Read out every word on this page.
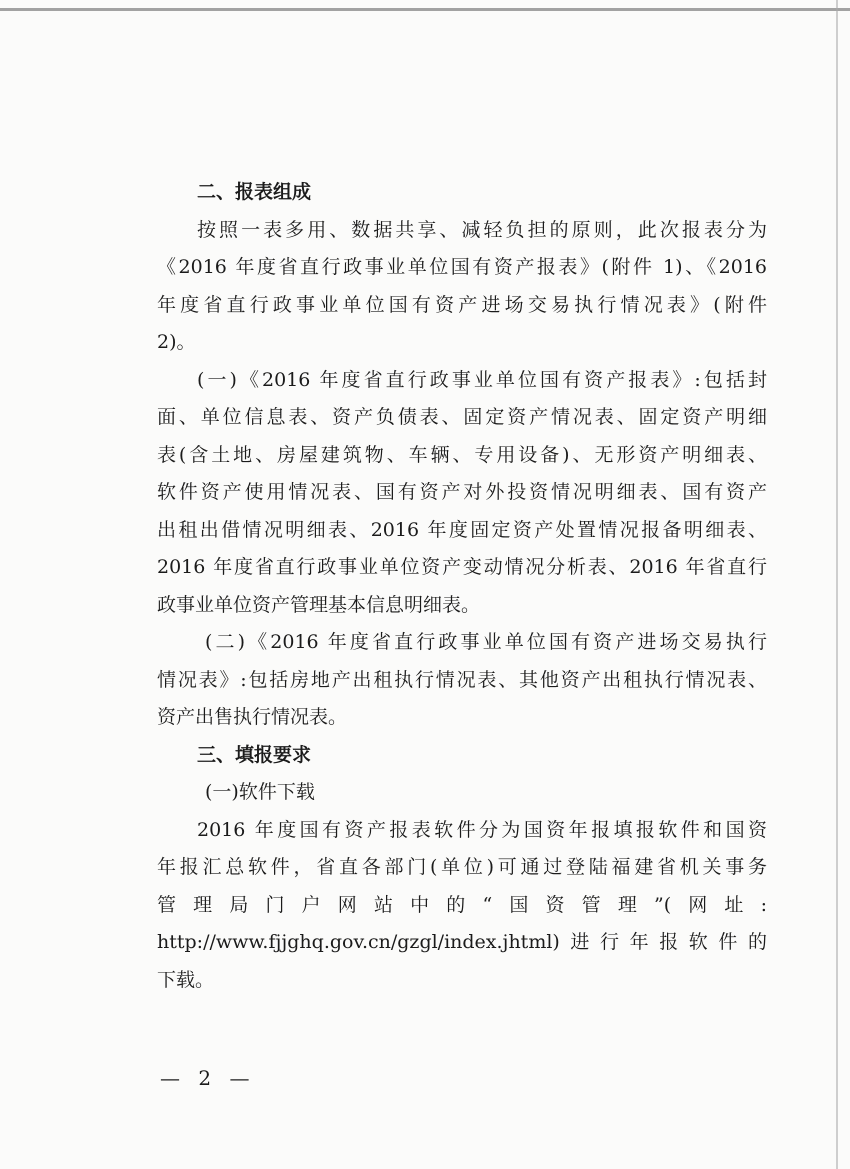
二、报表组成
按照一表多用、数据共享、减轻负担的原则，此次报表分为
《2016 年度省直行政事业单位国有资产报表》(附件 1)、《2016
年度省直行政事业单位国有资产进场交易执行情况表》(附件
2)。
(一)《2016 年度省直行政事业单位国有资产报表》:包括封
面、单位信息表、资产负债表、固定资产情况表、固定资产明细
表(含土地、房屋建筑物、车辆、专用设备)、无形资产明细表、
软件资产使用情况表、国有资产对外投资情况明细表、国有资产
出租出借情况明细表、2016 年度固定资产处置情况报备明细表、
2016 年度省直行政事业单位资产变动情况分析表、2016 年省直行
政事业单位资产管理基本信息明细表。
(二)《2016 年度省直行政事业单位国有资产进场交易执行
情况表》:包括房地产出租执行情况表、其他资产出租执行情况表、
资产出售执行情况表。
三、填报要求
(一)软件下载
2016 年度国有资产报表软件分为国资年报填报软件和国资
年报汇总软件，省直各部门(单位)可通过登陆福建省机关事务
管理局门户网站中的“国资管理”(网址:
http://www.fjjghq.gov.cn/gzgl/index.jhtml)进行年报软件的
下载。
— 2 —
